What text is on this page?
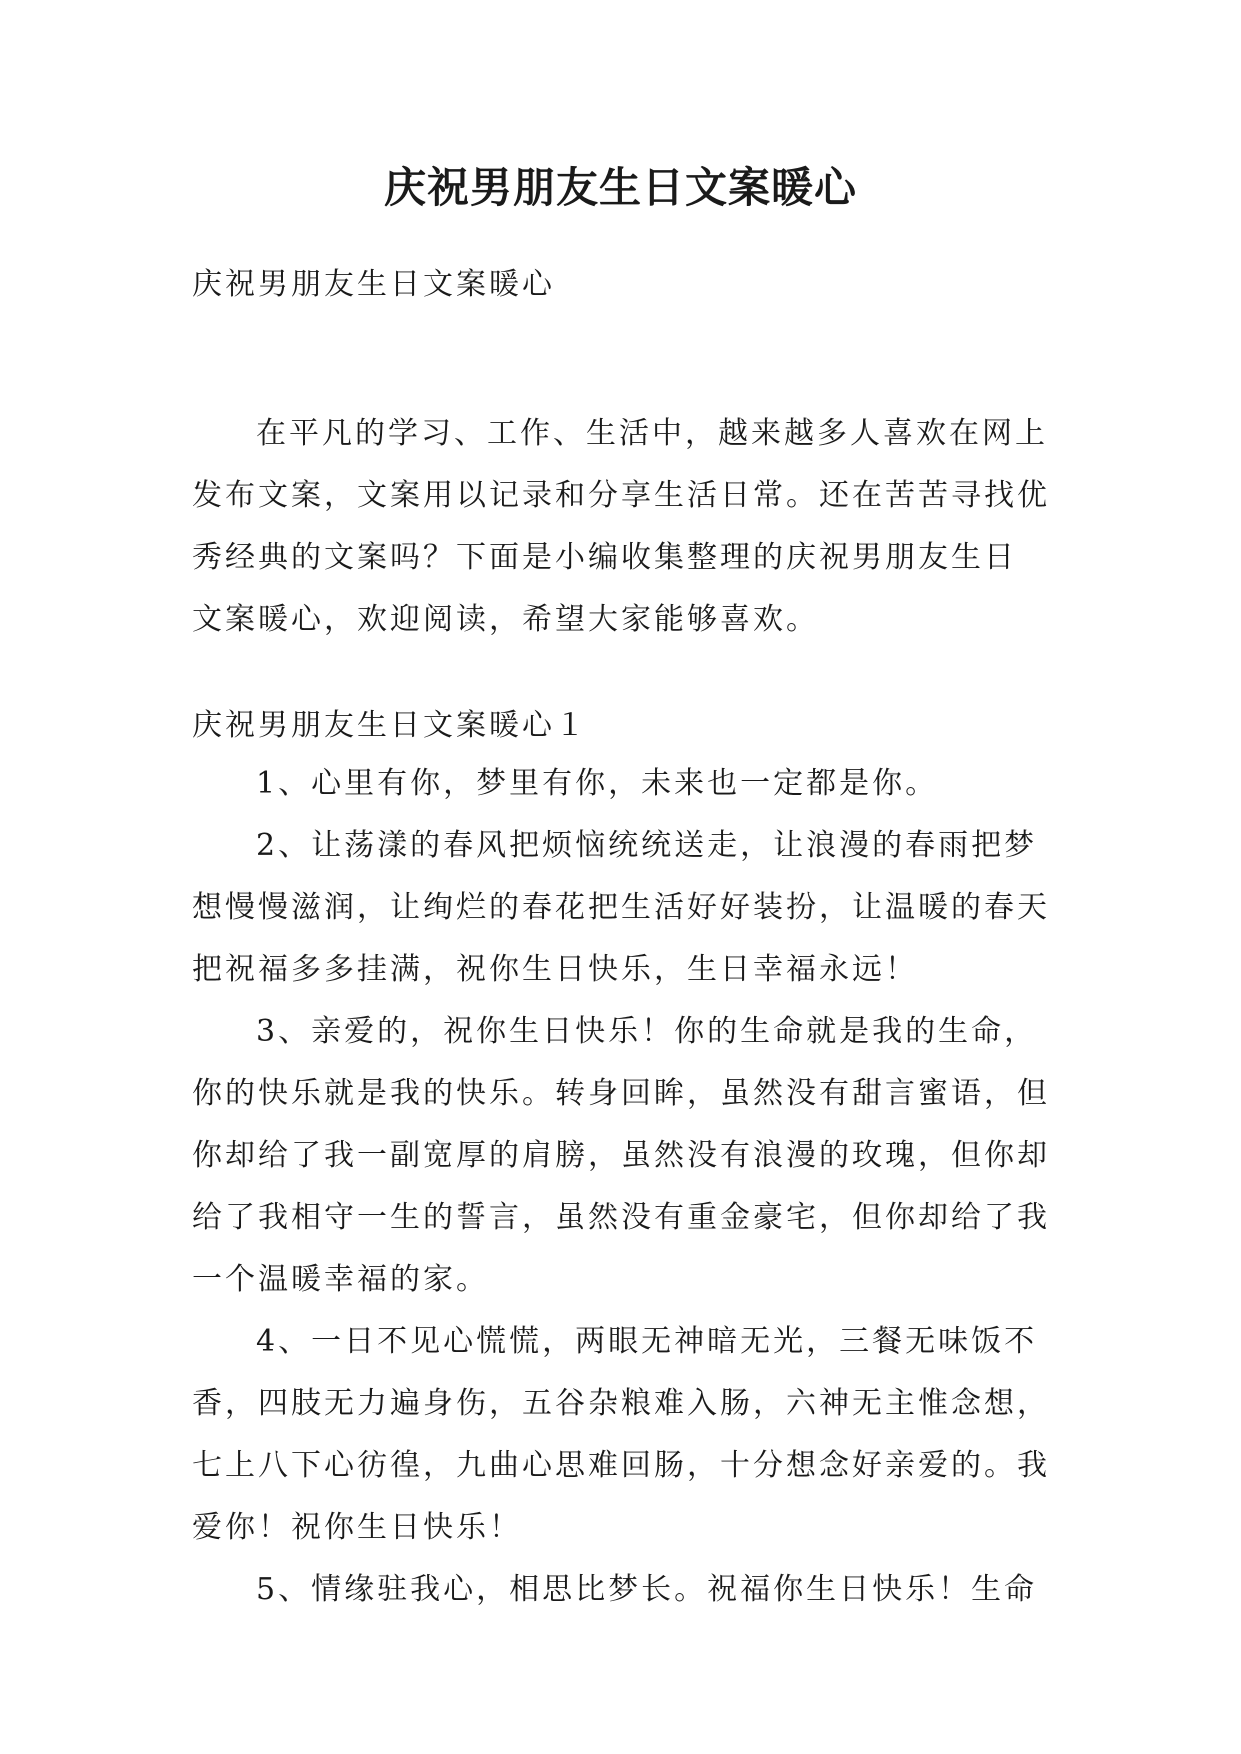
庆祝男朋友生日文案暖心
庆祝男朋友生日文案暖心
在平凡的学习、工作、生活中，越来越多人喜欢在网上
发布文案，文案用以记录和分享生活日常。还在苦苦寻找优
秀经典的文案吗？下面是小编收集整理的庆祝男朋友生日
文案暖心，欢迎阅读，希望大家能够喜欢。
庆祝男朋友生日文案暖心１
1、心里有你，梦里有你，未来也一定都是你。
2、让荡漾的春风把烦恼统统送走，让浪漫的春雨把梦
想慢慢滋润，让绚烂的春花把生活好好装扮，让温暖的春天
把祝福多多挂满，祝你生日快乐，生日幸福永远！
3、亲爱的，祝你生日快乐！你的生命就是我的生命，
你的快乐就是我的快乐。转身回眸，虽然没有甜言蜜语，但
你却给了我一副宽厚的肩膀，虽然没有浪漫的玫瑰，但你却
给了我相守一生的誓言，虽然没有重金豪宅，但你却给了我
一个温暖幸福的家。
4、一日不见心慌慌，两眼无神暗无光，三餐无味饭不
香，四肢无力遍身伤，五谷杂粮难入肠，六神无主惟念想，
七上八下心彷徨，九曲心思难回肠，十分想念好亲爱的。我
爱你！祝你生日快乐！
5、情缘驻我心，相思比梦长。祝福你生日快乐！生命
